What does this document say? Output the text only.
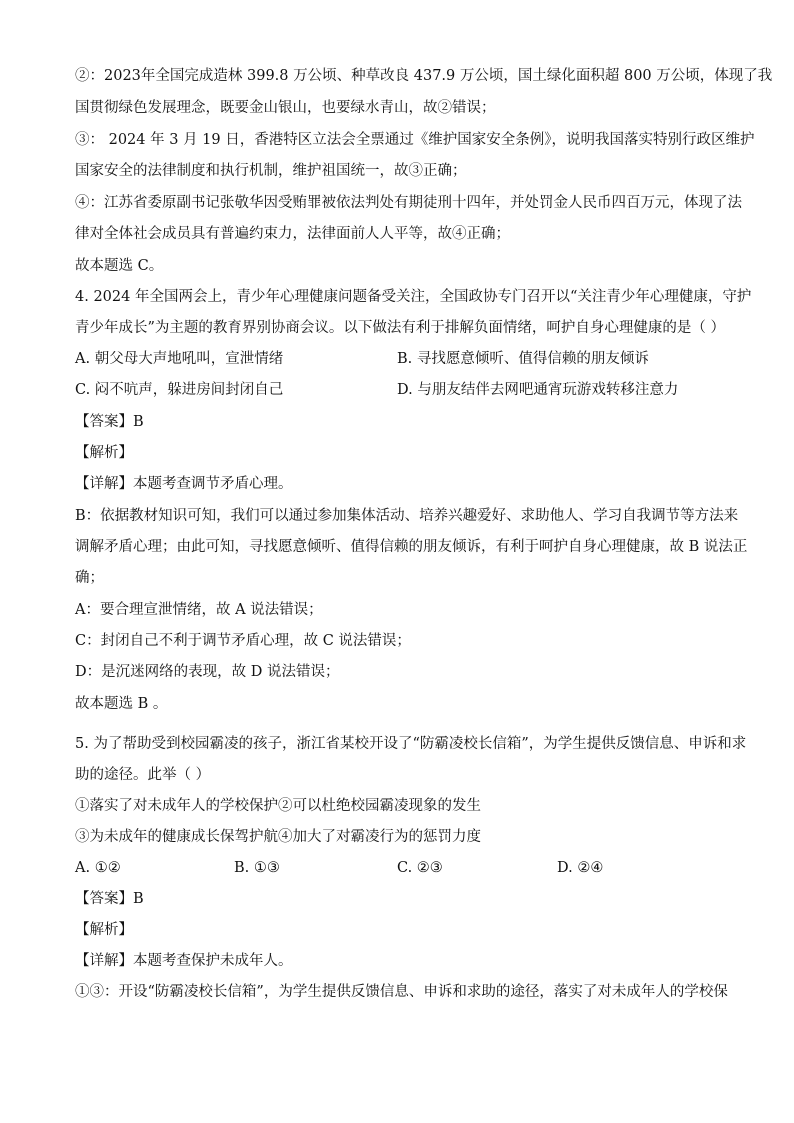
②：2023年全国完成造林 399.8 万公顷、种草改良 437.9 万公顷，国土绿化面积超 800 万公顷，体现了我
国贯彻绿色发展理念，既要金山银山，也要绿水青山，故②错误；
③： 2024 年 3 月 19 日，香港特区立法会全票通过《维护国家安全条例》，说明我国落实特别行政区维护
国家安全的法律制度和执行机制，维护祖国统一，故③正确；
④：江苏省委原副书记张敬华因受贿罪被依法判处有期徒刑十四年，并处罚金人民币四百万元，体现了法
律对全体社会成员具有普遍约束力，法律面前人人平等，故④正确；
故本题选 C。
4. 2024 年全国两会上，青少年心理健康问题备受关注，全国政协专门召开以“关注青少年心理健康，守护
青少年成长”为主题的教育界别协商会议。以下做法有利于排解负面情绪，呵护自身心理健康的是（ ）
A. 朝父母大声地吼叫，宣泄情绪	B. 寻找愿意倾听、值得信赖的朋友倾诉
C. 闷不吭声，躲进房间封闭自己	D. 与朋友结伴去网吧通宵玩游戏转移注意力
【答案】B
【解析】
【详解】本题考查调节矛盾心理。
B：依据教材知识可知，我们可以通过参加集体活动、培养兴趣爱好、求助他人、学习自我调节等方法来
调解矛盾心理；由此可知，寻找愿意倾听、值得信赖的朋友倾诉，有利于呵护自身心理健康，故 B 说法正
确；
A：要合理宣泄情绪，故 A 说法错误；
C：封闭自己不利于调节矛盾心理，故 C 说法错误；
D：是沉迷网络的表现，故 D 说法错误；
故本题选 B 。
5. 为了帮助受到校园霸凌的孩子，浙江省某校开设了“防霸凌校长信箱”，为学生提供反馈信息、申诉和求
助的途径。此举（ ）
①落实了对未成年人的学校保护②可以杜绝校园霸凌现象的发生
③为未成年的健康成长保驾护航④加大了对霸凌行为的惩罚力度
A. ①②	B. ①③	C. ②③	D. ②④
【答案】B
【解析】
【详解】本题考查保护未成年人。
①③：开设“防霸凌校长信箱”，为学生提供反馈信息、申诉和求助的途径，落实了对未成年人的学校保
